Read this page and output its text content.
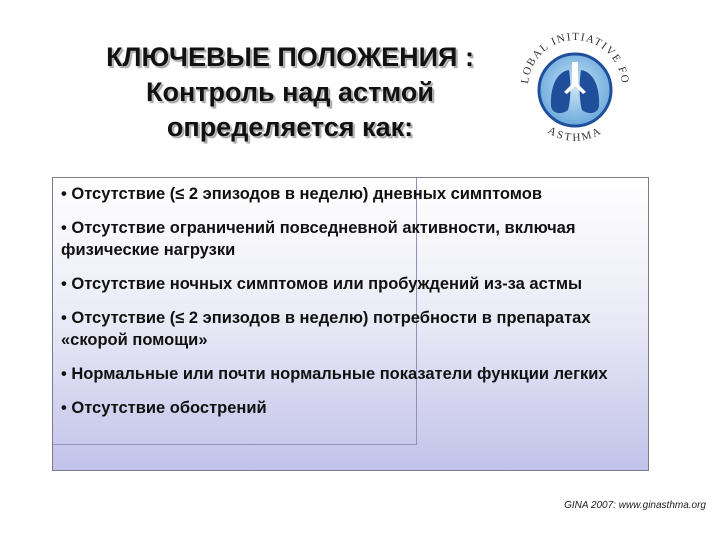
КЛЮЧЕВЫЕ ПОЛОЖЕНИЯ :
Контроль над астмой
определяется как:
LOBAL INITIATIVE FO
ASTHMA
• Отсутствие (≤ 2 эпизодов в неделю) дневных симптомов
• Отсутствие ограничений повседневной активности, включая физические нагрузки
• Отсутствие ночных симптомов или пробуждений из-за астмы
• Отсутствие (≤ 2 эпизодов в неделю) потребности в препаратах «скорой помощи»
• Нормальные или почти нормальные показатели функции легких
• Отсутствие обострений
GINA 2007: www.ginasthma.org
